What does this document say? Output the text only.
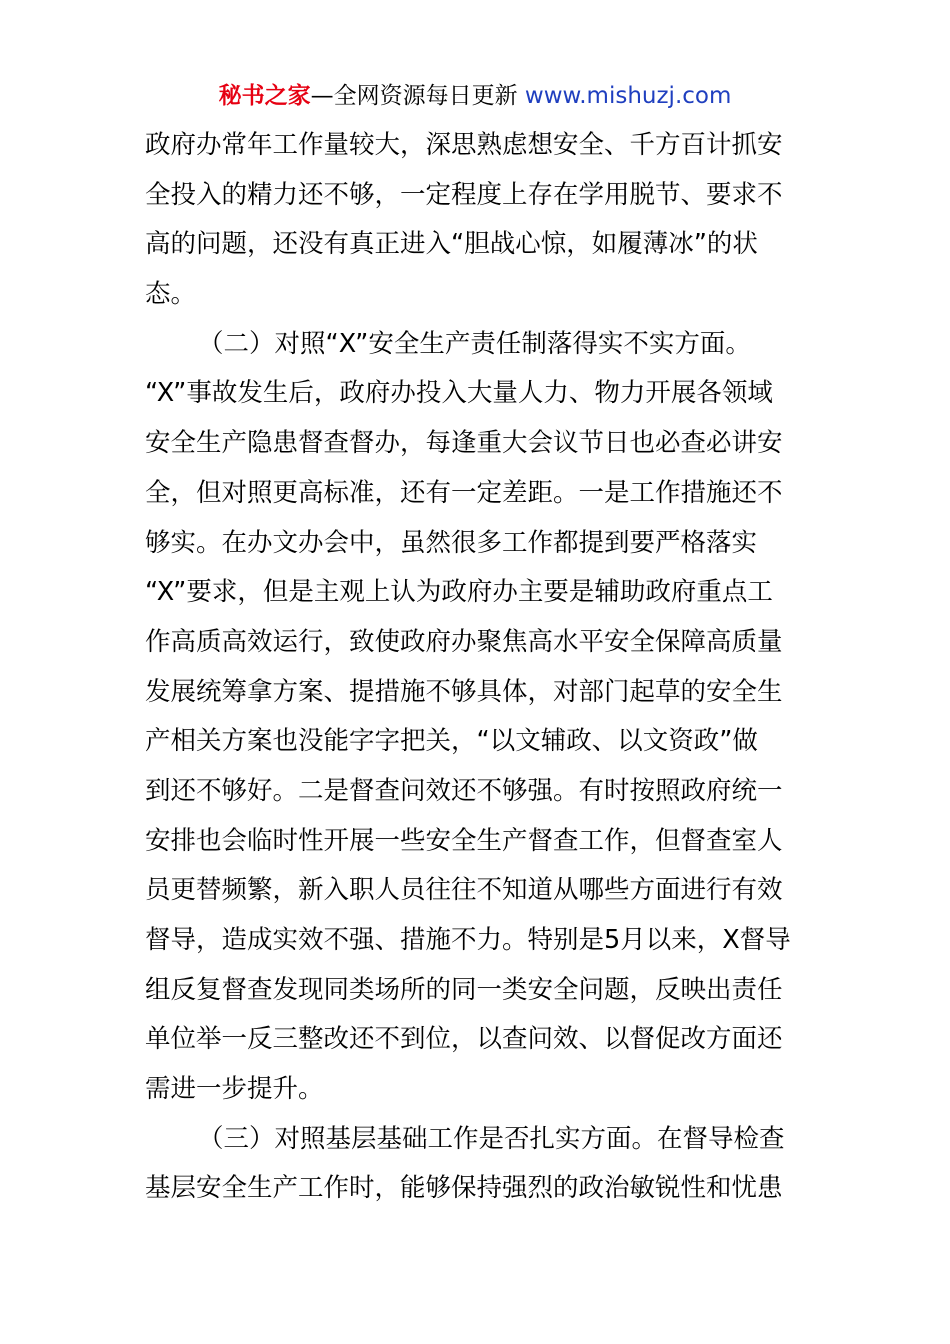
秘书之家—全网资源每日更新 www.mishuzj.com
政府办常年工作量较大，深思熟虑想安全、千方百计抓安
全投入的精力还不够，一定程度上存在学用脱节、要求不
高的问题，还没有真正进入“胆战心惊，如履薄冰”的状
态。
（二）对照“X”安全生产责任制落得实不实方面。
“X”事故发生后，政府办投入大量人力、物力开展各领域
安全生产隐患督查督办，每逢重大会议节日也必查必讲安
全，但对照更高标准，还有一定差距。一是工作措施还不
够实。在办文办会中，虽然很多工作都提到要严格落实
“X”要求，但是主观上认为政府办主要是辅助政府重点工
作高质高效运行，致使政府办聚焦高水平安全保障高质量
发展统筹拿方案、提措施不够具体，对部门起草的安全生
产相关方案也没能字字把关，“以文辅政、以文资政”做
到还不够好。二是督查问效还不够强。有时按照政府统一
安排也会临时性开展一些安全生产督查工作，但督查室人
员更替频繁，新入职人员往往不知道从哪些方面进行有效
督导，造成实效不强、措施不力。特别是5月以来，X督导
组反复督查发现同类场所的同一类安全问题，反映出责任
单位举一反三整改还不到位，以查问效、以督促改方面还
需进一步提升。
（三）对照基层基础工作是否扎实方面。在督导检查
基层安全生产工作时，能够保持强烈的政治敏锐性和忧患
